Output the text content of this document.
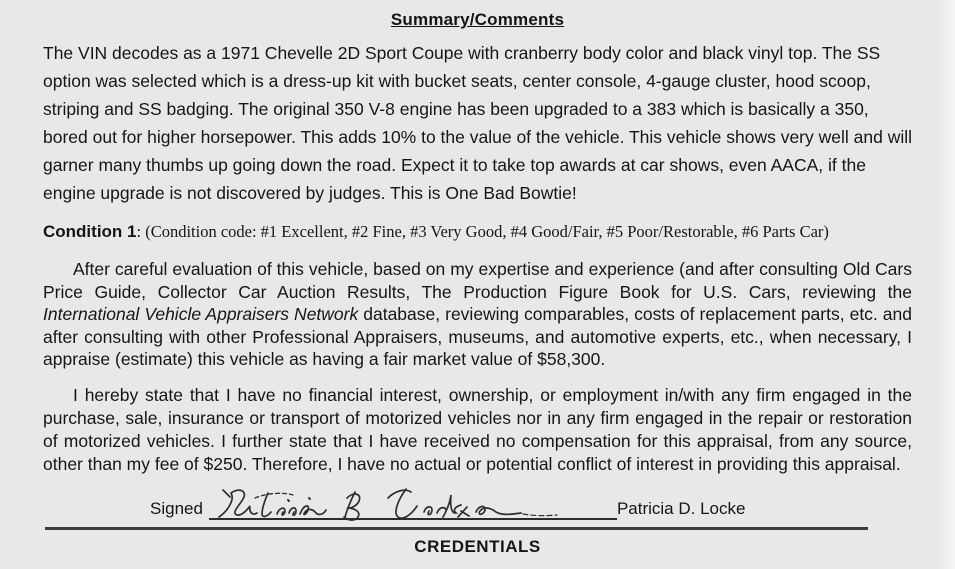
Summary/Comments

The VIN decodes as a 1971 Chevelle 2D Sport Coupe with cranberry body color and black vinyl top. The SS option was selected which is a dress-up kit with bucket seats, center console, 4-gauge cluster, hood scoop, striping and SS badging. The original 350 V-8 engine has been upgraded to a 383 which is basically a 350, bored out for higher horsepower. This adds 10% to the value of the vehicle. This vehicle shows very well and will garner many thumbs up going down the road. Expect it to take top awards at car shows, even AACA, if the engine upgrade is not discovered by judges. This is One Bad Bowtie!

Condition 1: (Condition code: #1 Excellent, #2 Fine, #3 Very Good, #4 Good/Fair, #5 Poor/Restorable, #6 Parts Car)

After careful evaluation of this vehicle, based on my expertise and experience (and after consulting Old Cars Price Guide, Collector Car Auction Results, The Production Figure Book for U.S. Cars, reviewing the International Vehicle Appraisers Network database, reviewing comparables, costs of replacement parts, etc. and after consulting with other Professional Appraisers, museums, and automotive experts, etc., when necessary, I appraise (estimate) this vehicle as having a fair market value of $58,300.

I hereby state that I have no financial interest, ownership, or employment in/with any firm engaged in the purchase, sale, insurance or transport of motorized vehicles nor in any firm engaged in the repair or restoration of motorized vehicles. I further state that I have received no compensation for this appraisal, from any source, other than my fee of $250. Therefore, I have no actual or potential conflict of interest in providing this appraisal.

Signed	Patricia D. Locke
CREDENTIALS
